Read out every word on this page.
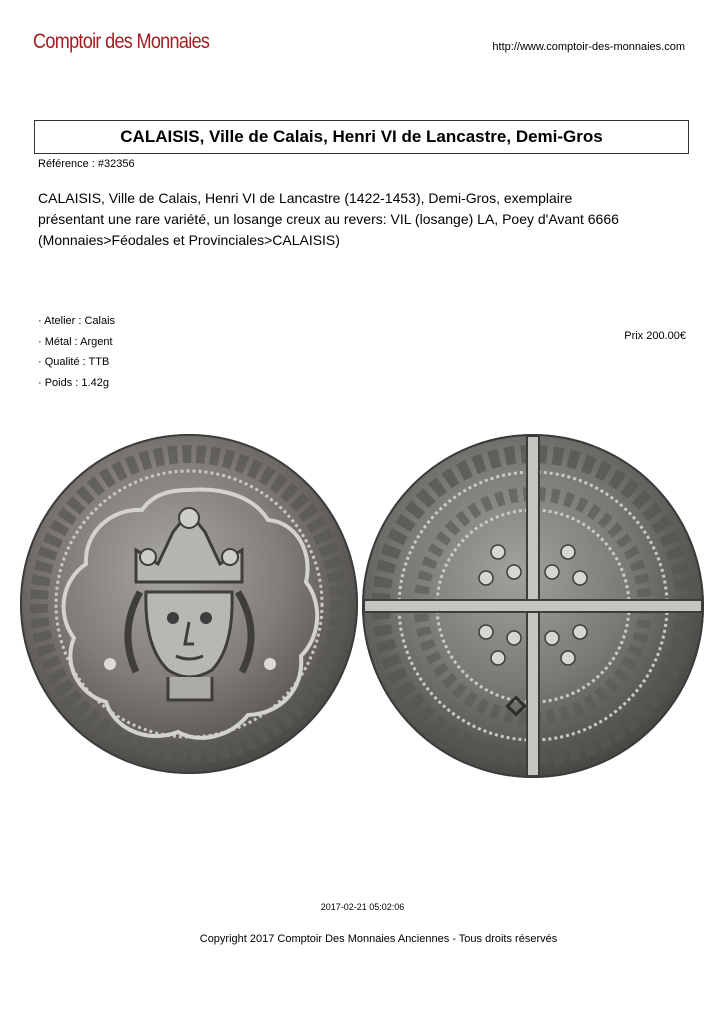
Comptoir des Monnaies	http://www.comptoir-des-monnaies.com
CALAISIS, Ville de Calais, Henri VI de Lancastre, Demi-Gros
Référence : #32356

CALAISIS, Ville de Calais, Henri VI de Lancastre (1422-1453), Demi-Gros, exemplaire
présentant une rare variété, un losange creux au revers: VIL (losange) LA, Poey d'Avant 6666
(Monnaies>Féodales et Provinciales>CALAISIS)

· Atelier : Calais
· Métal : Argent
· Qualité : TTB
· Poids : 1.42g
Prix 200.00€
2017-02-21 05:02:06
Copyright 2017 Comptoir Des Monnaies Anciennes - Tous droits réservés
